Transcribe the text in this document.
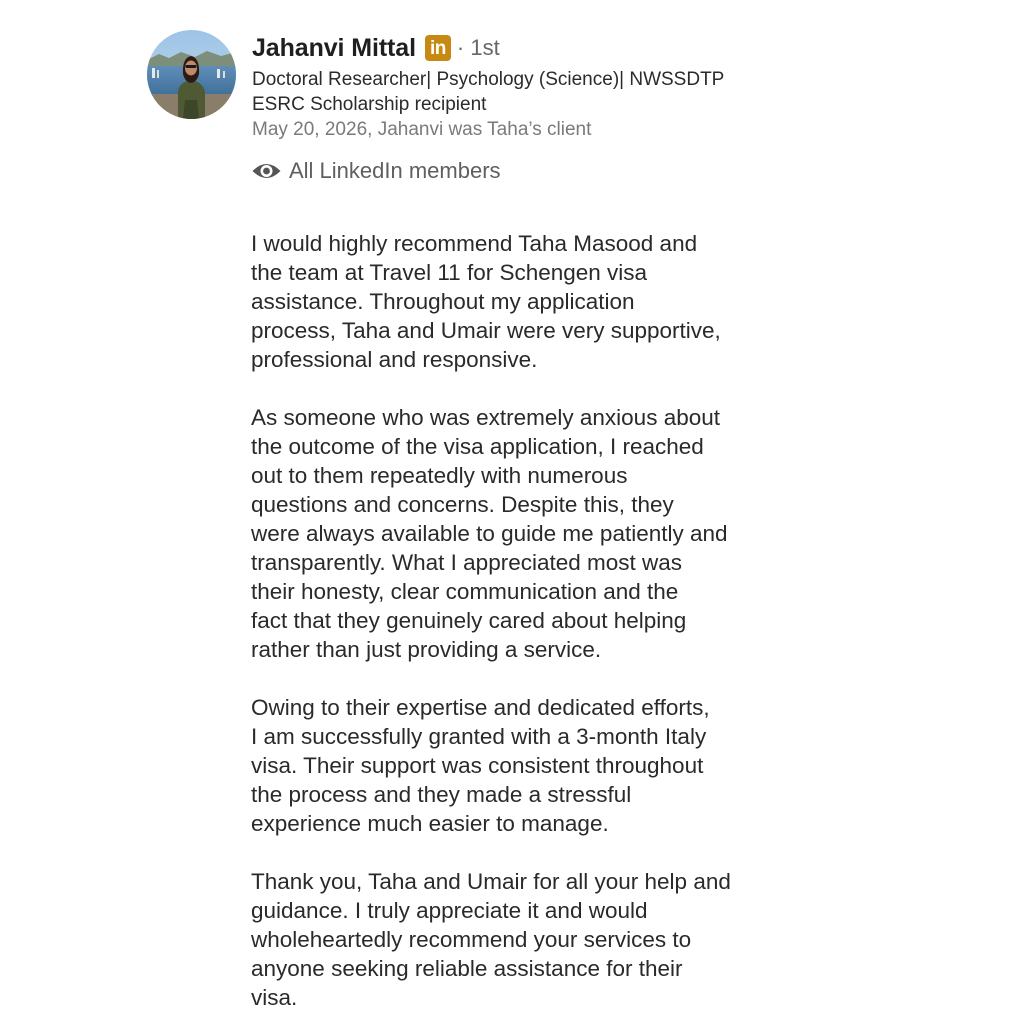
Jahanvi Mittal in · 1st
Doctoral Researcher| Psychology (Science)| NWSSDTP
ESRC Scholarship recipient
May 20, 2026, Jahanvi was Taha’s client
All LinkedIn members

I would highly recommend Taha Masood and
the team at Travel 11 for Schengen visa
assistance. Throughout my application
process, Taha and Umair were very supportive,
professional and responsive.

As someone who was extremely anxious about
the outcome of the visa application, I reached
out to them repeatedly with numerous
questions and concerns. Despite this, they
were always available to guide me patiently and
transparently. What I appreciated most was
their honesty, clear communication and the
fact that they genuinely cared about helping
rather than just providing a service.

Owing to their expertise and dedicated efforts,
I am successfully granted with a 3-month Italy
visa. Their support was consistent throughout
the process and they made a stressful
experience much easier to manage.

Thank you, Taha and Umair for all your help and
guidance. I truly appreciate it and would
wholeheartedly recommend your services to
anyone seeking reliable assistance for their
visa.
